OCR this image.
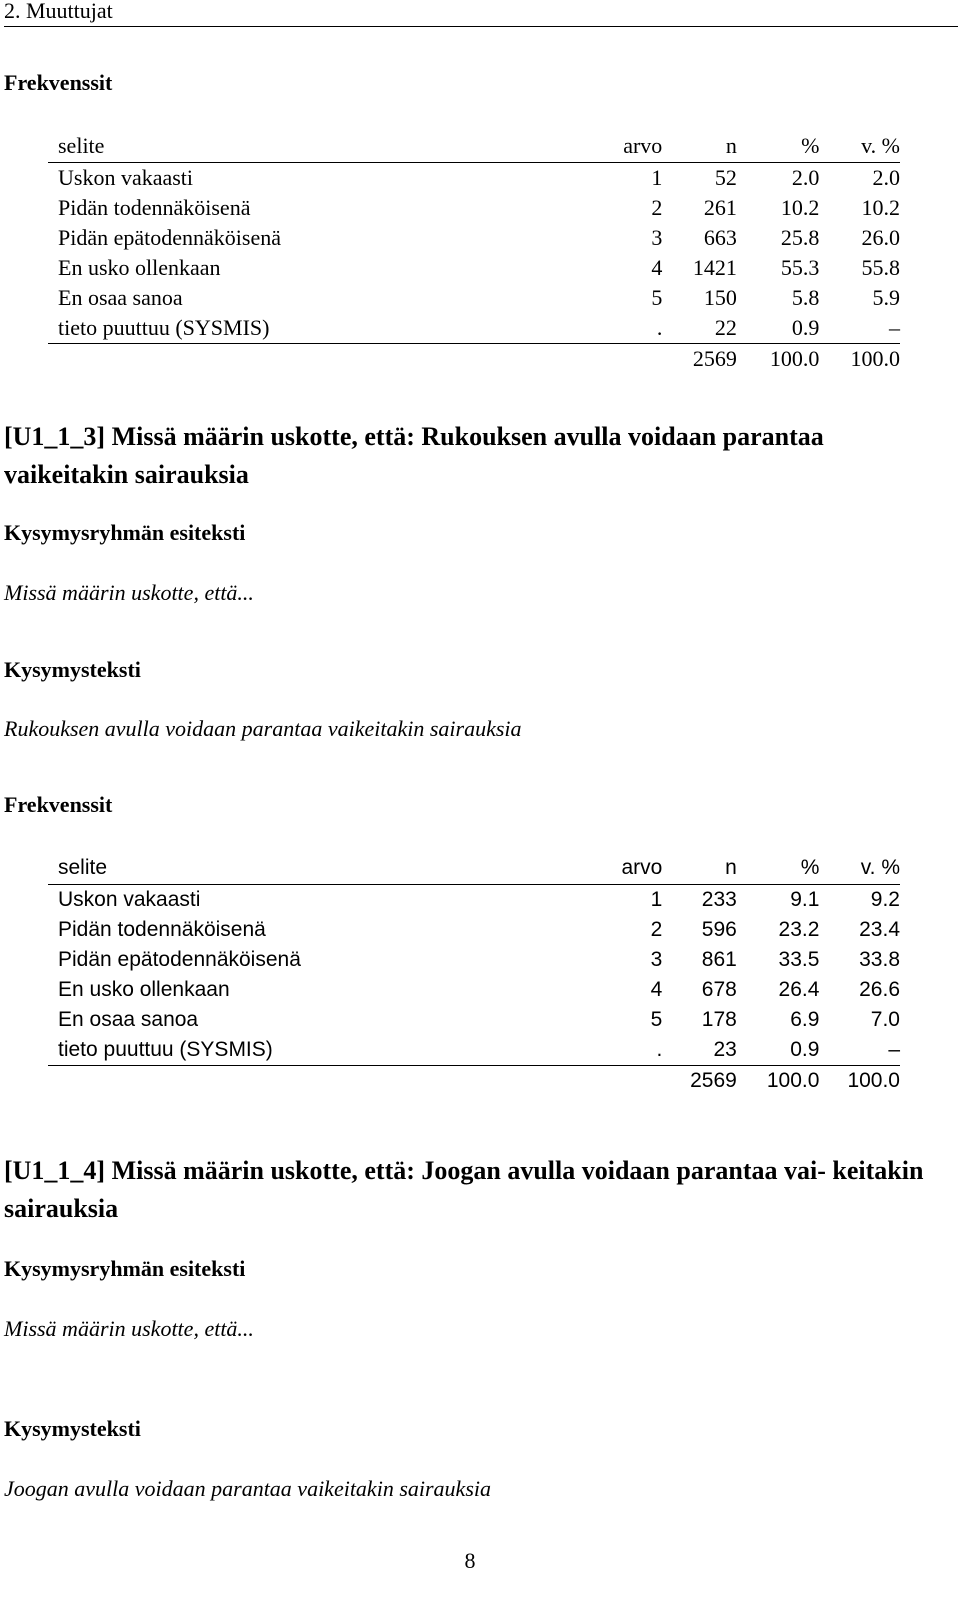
2. Muuttujat
Frekvenssit
selite	arvo	n	%	v. %
Uskon vakaasti	1	52	2.0	2.0
Pidän todennäköisenä	2	261	10.2	10.2
Pidän epätodennäköisenä	3	663	25.8	26.0
En usko ollenkaan	4	1421	55.3	55.8
En osaa sanoa	5	150	5.8	5.9
tieto puuttuu (SYSMIS)	.	22	0.9	–
		2569	100.0	100.0
[U1_1_3] Missä määrin uskotte, että: Rukouksen avulla voidaan parantaa vaikeitakin sairauksia
Kysymysryhmän esiteksti
Missä määrin uskotte, että...
Kysymysteksti
Rukouksen avulla voidaan parantaa vaikeitakin sairauksia
Frekvenssit
selite	arvo	n	%	v. %
Uskon vakaasti	1	233	9.1	9.2
Pidän todennäköisenä	2	596	23.2	23.4
Pidän epätodennäköisenä	3	861	33.5	33.8
En usko ollenkaan	4	678	26.4	26.6
En osaa sanoa	5	178	6.9	7.0
tieto puuttuu (SYSMIS)	.	23	0.9	–
		2569	100.0	100.0
[U1_1_4] Missä määrin uskotte, että: Joogan avulla voidaan parantaa vai- keitakin sairauksia
Kysymysryhmän esiteksti
Missä määrin uskotte, että...
Kysymysteksti
Joogan avulla voidaan parantaa vaikeitakin sairauksia
8
